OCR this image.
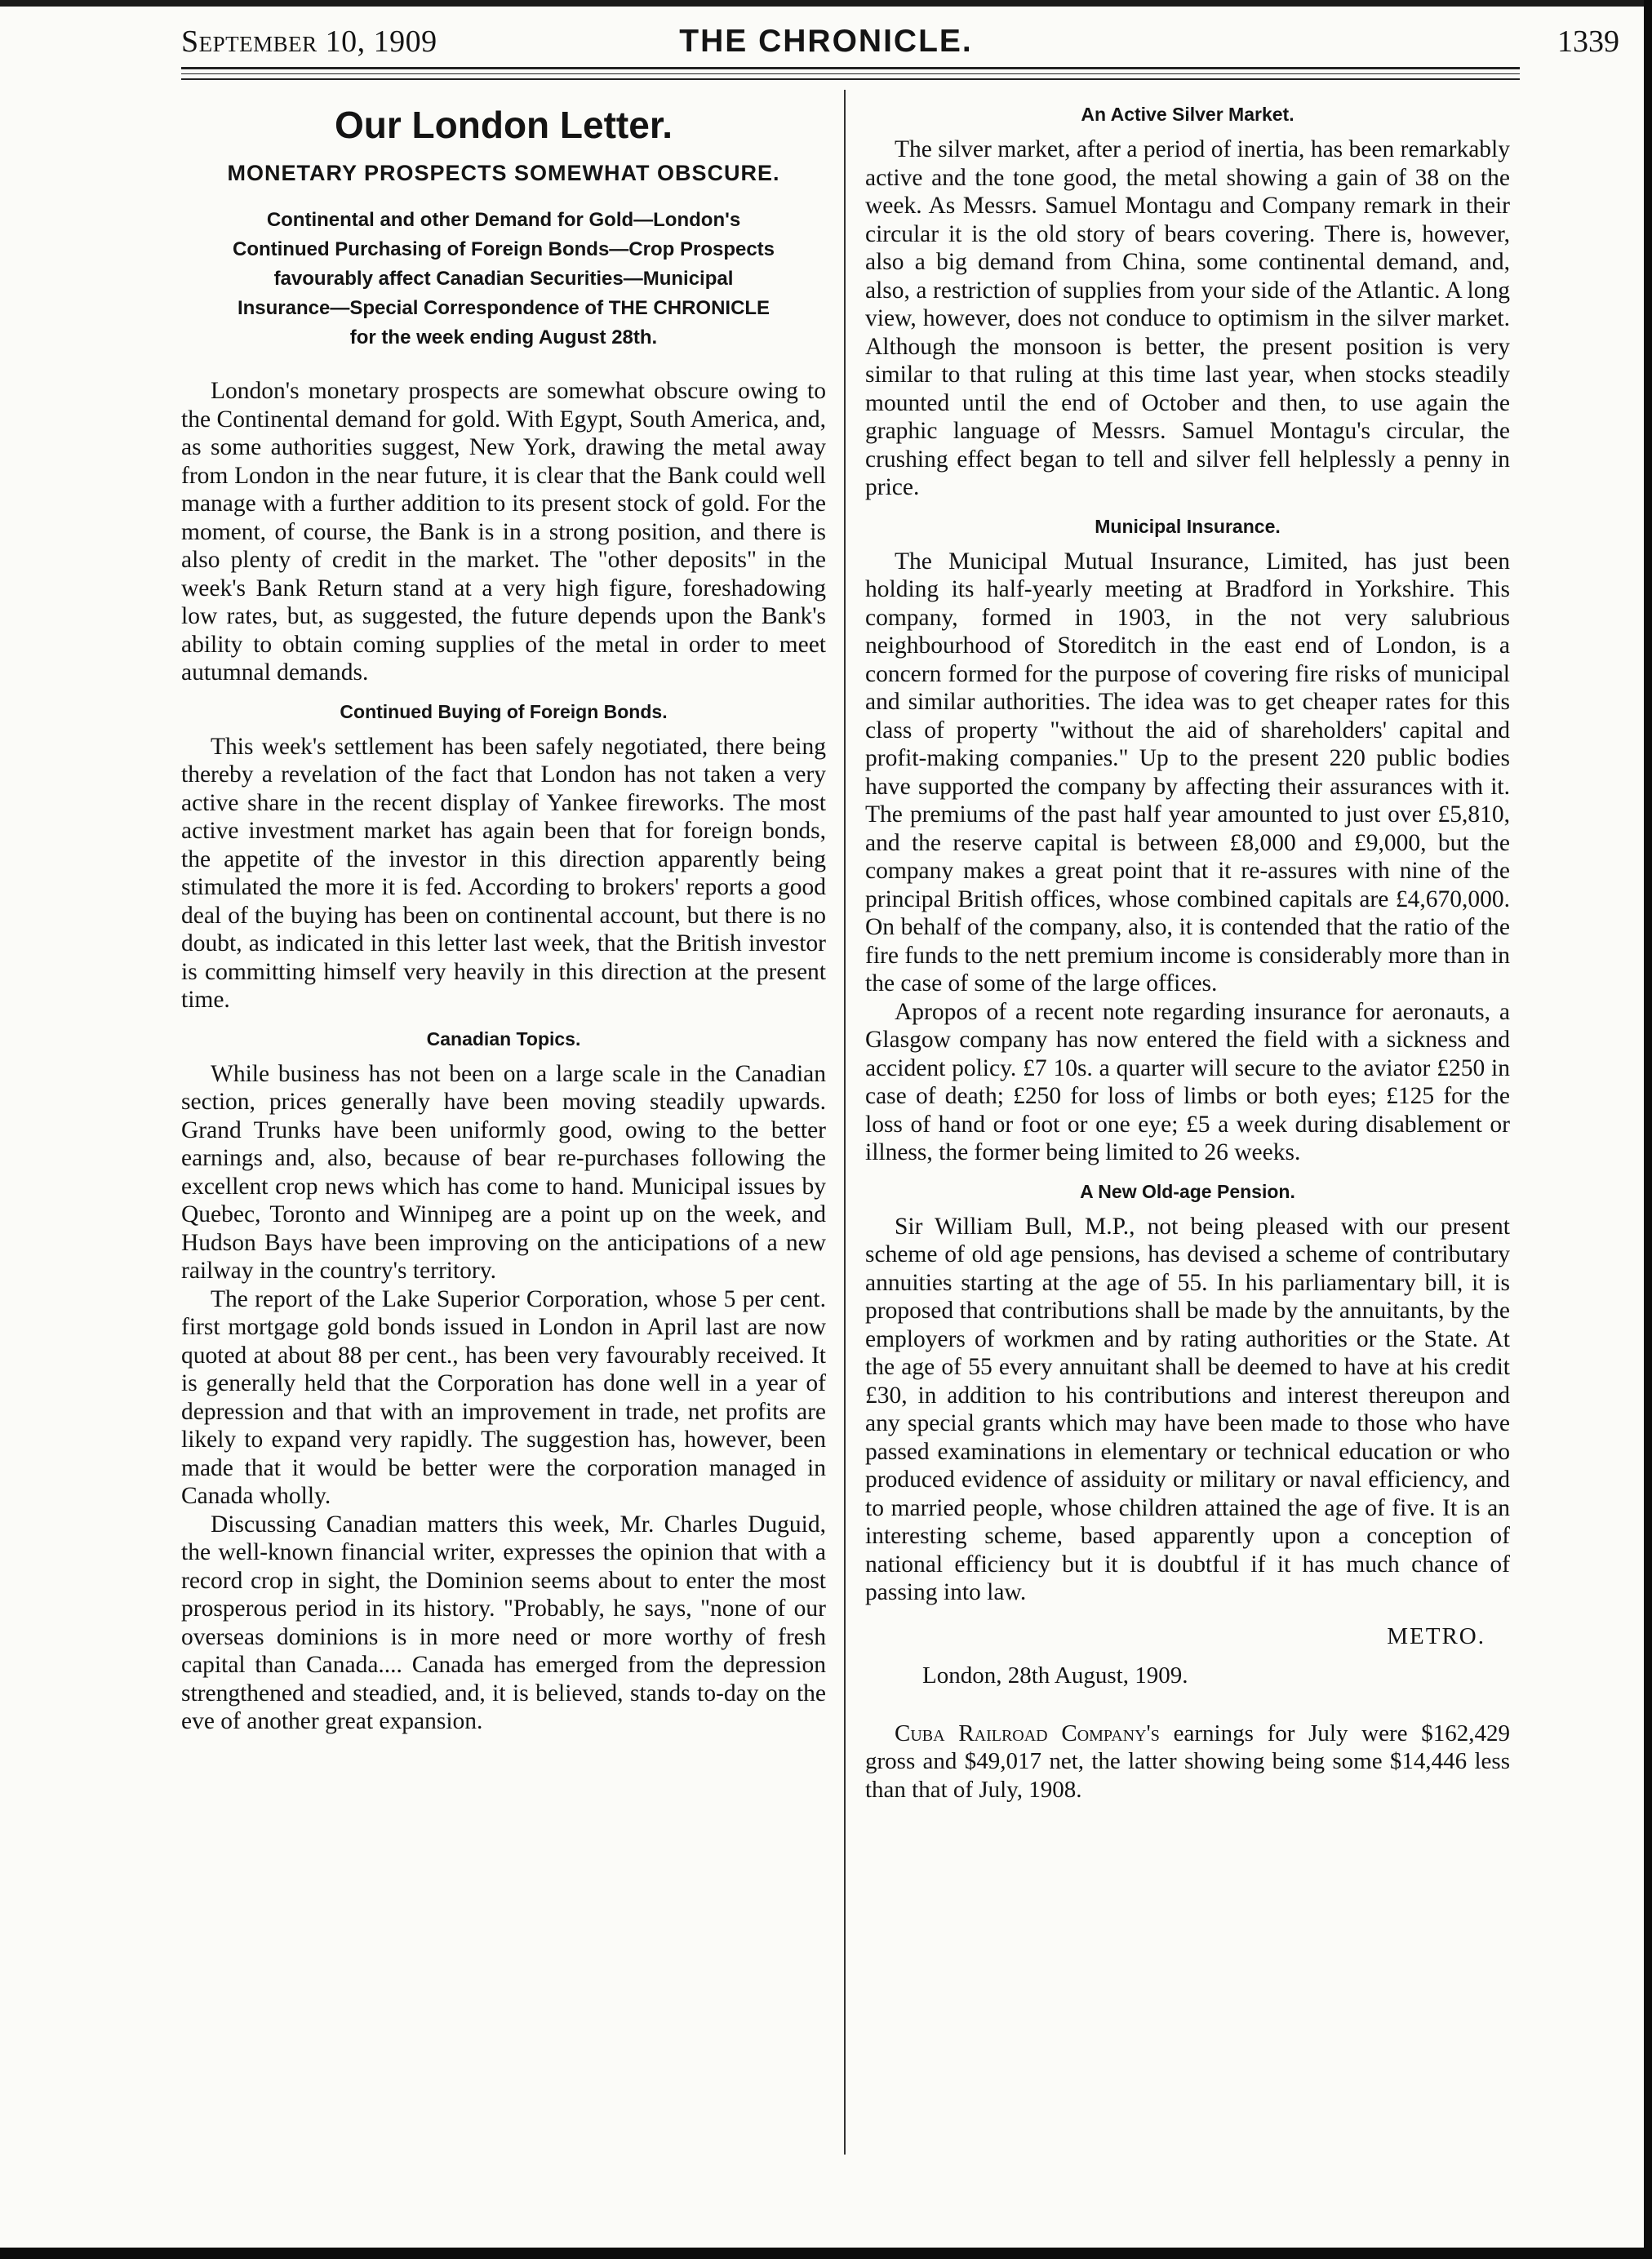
September 10, 1909	THE CHRONICLE.	1339
Our London Letter.
MONETARY PROSPECTS SOMEWHAT OBSCURE.
Continental and other Demand for Gold—London's Continued Purchasing of Foreign Bonds—Crop Prospects favourably affect Canadian Securities—Municipal Insurance—Special Correspondence of THE CHRONICLE for the week ending August 28th.

London's monetary prospects are somewhat obscure owing to the Continental demand for gold. With Egypt, South America, and, as some authorities suggest, New York, drawing the metal away from London in the near future, it is clear that the Bank could well manage with a further addition to its present stock of gold. For the moment, of course, the Bank is in a strong position, and there is also plenty of credit in the market. The "other deposits" in the week's Bank Return stand at a very high figure, foreshadowing low rates, but, as suggested, the future depends upon the Bank's ability to obtain coming supplies of the metal in order to meet autumnal demands.

Continued Buying of Foreign Bonds.

This week's settlement has been safely negotiated, there being thereby a revelation of the fact that London has not taken a very active share in the recent display of Yankee fireworks. The most active investment market has again been that for foreign bonds, the appetite of the investor in this direction apparently being stimulated the more it is fed. According to brokers' reports a good deal of the buying has been on continental account, but there is no doubt, as indicated in this letter last week, that the British investor is committing himself very heavily in this direction at the present time.

Canadian Topics.

While business has not been on a large scale in the Canadian section, prices generally have been moving steadily upwards. Grand Trunks have been uniformly good, owing to the better earnings and, also, because of bear re-purchases following the excellent crop news which has come to hand. Municipal issues by Quebec, Toronto and Winnipeg are a point up on the week, and Hudson Bays have been improving on the anticipations of a new railway in the country's territory.

The report of the Lake Superior Corporation, whose 5 per cent. first mortgage gold bonds issued in London in April last are now quoted at about 88 per cent., has been very favourably received. It is generally held that the Corporation has done well in a year of depression and that with an improvement in trade, net profits are likely to expand very rapidly. The suggestion has, however, been made that it would be better were the corporation managed in Canada wholly.

Discussing Canadian matters this week, Mr. Charles Duguid, the well-known financial writer, expresses the opinion that with a record crop in sight, the Dominion seems about to enter the most prosperous period in its history. "Probably, he says, "none of our overseas dominions is in more need or more worthy of fresh capital than Canada.... Canada has emerged from the depression strengthened and steadied, and, it is believed, stands to-day on the eve of another great expansion.

An Active Silver Market.

The silver market, after a period of inertia, has been remarkably active and the tone good, the metal showing a gain of 38 on the week. As Messrs. Samuel Montagu and Company remark in their circular it is the old story of bears covering. There is, however, also a big demand from China, some continental demand, and, also, a restriction of supplies from your side of the Atlantic. A long view, however, does not conduce to optimism in the silver market. Although the monsoon is better, the present position is very similar to that ruling at this time last year, when stocks steadily mounted until the end of October and then, to use again the graphic language of Messrs. Samuel Montagu's circular, the crushing effect began to tell and silver fell helplessly a penny in price.

Municipal Insurance.

The Municipal Mutual Insurance, Limited, has just been holding its half-yearly meeting at Bradford in Yorkshire. This company, formed in 1903, in the not very salubrious neighbourhood of Storeditch in the east end of London, is a concern formed for the purpose of covering fire risks of municipal and similar authorities. The idea was to get cheaper rates for this class of property "without the aid of shareholders' capital and profit-making companies." Up to the present 220 public bodies have supported the company by affecting their assurances with it. The premiums of the past half year amounted to just over £5,810, and the reserve capital is between £8,000 and £9,000, but the company makes a great point that it re-assures with nine of the principal British offices, whose combined capitals are £4,670,000. On behalf of the company, also, it is contended that the ratio of the fire funds to the nett premium income is considerably more than in the case of some of the large offices.

Apropos of a recent note regarding insurance for aeronauts, a Glasgow company has now entered the field with a sickness and accident policy. £7 10s. a quarter will secure to the aviator £250 in case of death; £250 for loss of limbs or both eyes; £125 for the loss of hand or foot or one eye; £5 a week during disablement or illness, the former being limited to 26 weeks.

A New Old-age Pension.

Sir William Bull, M.P., not being pleased with our present scheme of old age pensions, has devised a scheme of contributary annuities starting at the age of 55. In his parliamentary bill, it is proposed that contributions shall be made by the annuitants, by the employers of workmen and by rating authorities or the State. At the age of 55 every annuitant shall be deemed to have at his credit £30, in addition to his contributions and interest thereupon and any special grants which may have been made to those who have passed examinations in elementary or technical education or who produced evidence of assiduity or military or naval efficiency, and to married people, whose children attained the age of five. It is an interesting scheme, based apparently upon a conception of national efficiency but it is doubtful if it has much chance of passing into law.

METRO.
London, 28th August, 1909.

Cuba Railroad Company's earnings for July were $162,429 gross and $49,017 net, the latter showing being some $14,446 less than that of July, 1908.
